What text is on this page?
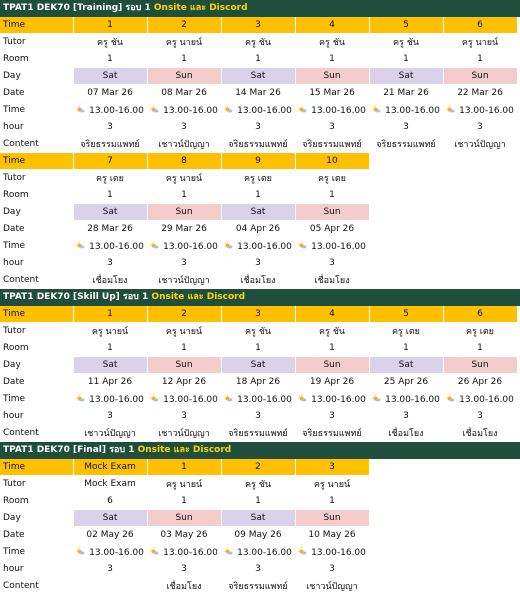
TPAT1 DEK70 [Training] รอบ 1 Onsite และ Discord
Time	1	2	3	4	5	6
Tutor	ครู ชัน	ครู นายน์	ครู ชัน	ครู ชัน	ครู ชัน	ครู นายน์
Room	1	1	1	1	1	1
Day	Sat	Sun	Sat	Sun	Sat	Sun
Date	07 Mar 26	08 Mar 26	14 Mar 26	15 Mar 26	21 Mar 26	22 Mar 26
Time	13.00-16.00	13.00-16.00	13.00-16.00	13.00-16.00	13.00-16.00	13.00-16.00
hour	3	3	3	3	3	3
Content	จริยธรรมแพทย์	เชาวน์ปัญญา	จริยธรรมแพทย์	จริยธรรมแพทย์	จริยธรรมแพทย์	เชาวน์ปัญญา
Time	7	8	9	10
Tutor	ครู เตย	ครู นายน์	ครู เตย	ครู เตย
Room	1	1	1	1
Day	Sat	Sun	Sat	Sun
Date	28 Mar 26	29 Mar 26	04 Apr 26	05 Apr 26
Time	13.00-16.00	13.00-16.00	13.00-16.00	13.00-16.00
hour	3	3	3	3
Content	เชื่อมโยง	เชาวน์ปัญญา	เชื่อมโยง	เชื่อมโยง
TPAT1 DEK70 [Skill Up] รอบ 1 Onsite และ Discord
Time	1	2	3	4	5	6
Tutor	ครู นายน์	ครู นายน์	ครู ชัน	ครู ชัน	ครู เตย	ครู เตย
Room	1	1	1	1	1	1
Day	Sat	Sun	Sat	Sun	Sat	Sun
Date	11 Apr 26	12 Apr 26	18 Apr 26	19 Apr 26	25 Apr 26	26 Apr 26
Time	13.00-16.00	13.00-16.00	13.00-16.00	13.00-16.00	13.00-16.00	13.00-16.00
hour	3	3	3	3	3	3
Content	เชาวน์ปัญญา	เชาวน์ปัญญา	จริยธรรมแพทย์	จริยธรรมแพทย์	เชื่อมโยง	เชื่อมโยง
TPAT1 DEK70 [Final] รอบ 1 Onsite และ Discord
Time	Mock Exam	1	2	3
Tutor	Mock Exam	ครู นายน์	ครู ชัน	ครู นายน์
Room	6	1	1	1
Day	Sat	Sun	Sat	Sun
Date	02 May 26	03 May 26	09 May 26	10 May 26
Time	13.00-16.00	13.00-16.00	13.00-16.00	13.00-16.00
hour	3	3	3	3
Content		เชื่อมโยง	จริยธรรมแพทย์	เชาวน์ปัญญา
